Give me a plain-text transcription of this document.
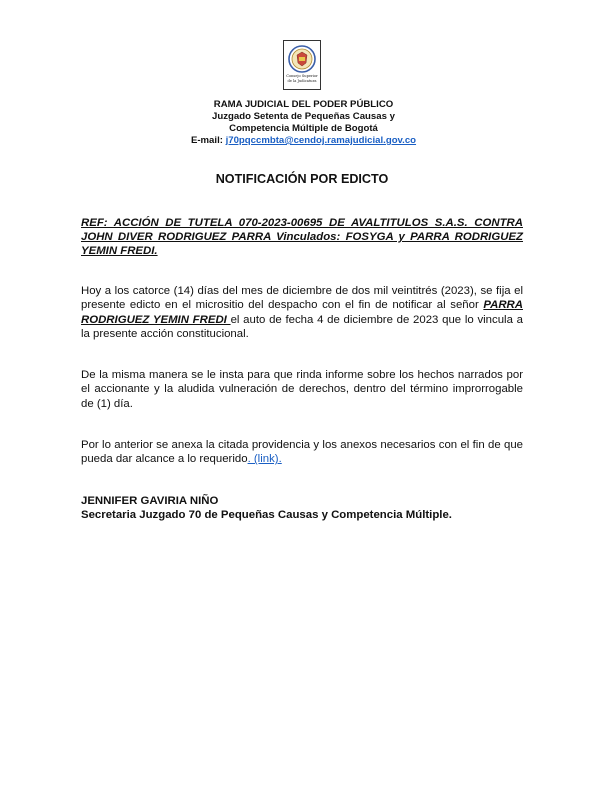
Consejo Superior
de la Judicatura
RAMA JUDICIAL DEL PODER PÚBLICO
Juzgado Setenta de Pequeñas Causas y
Competencia Múltiple de Bogotá
E-mail: j70pqccmbta@cendoj.ramajudicial.gov.co
NOTIFICACIÓN POR EDICTO
REF: ACCIÓN DE TUTELA 070-2023-00695 DE AVALTITULOS S.A.S. CONTRA JOHN DIVER RODRIGUEZ PARRA Vinculados: FOSYGA y PARRA RODRIGUEZ YEMIN FREDI.
Hoy a los catorce (14) días del mes de diciembre de dos mil veintitrés (2023), se fija el presente edicto en el micrositio del despacho con el fin de notificar al señor PARRA RODRIGUEZ YEMIN FREDI el auto de fecha 4 de diciembre de 2023 que lo vincula a la presente acción constitucional.
De la misma manera se le insta para que rinda informe sobre los hechos narrados por el accionante y la aludida vulneración de derechos, dentro del término improrrogable de (1) día.
Por lo anterior se anexa la citada providencia y los anexos necesarios con el fin de que pueda dar alcance a lo requerido. (link).
JENNIFER GAVIRIA NIÑO
Secretaria Juzgado 70 de Pequeñas Causas y Competencia Múltiple.
